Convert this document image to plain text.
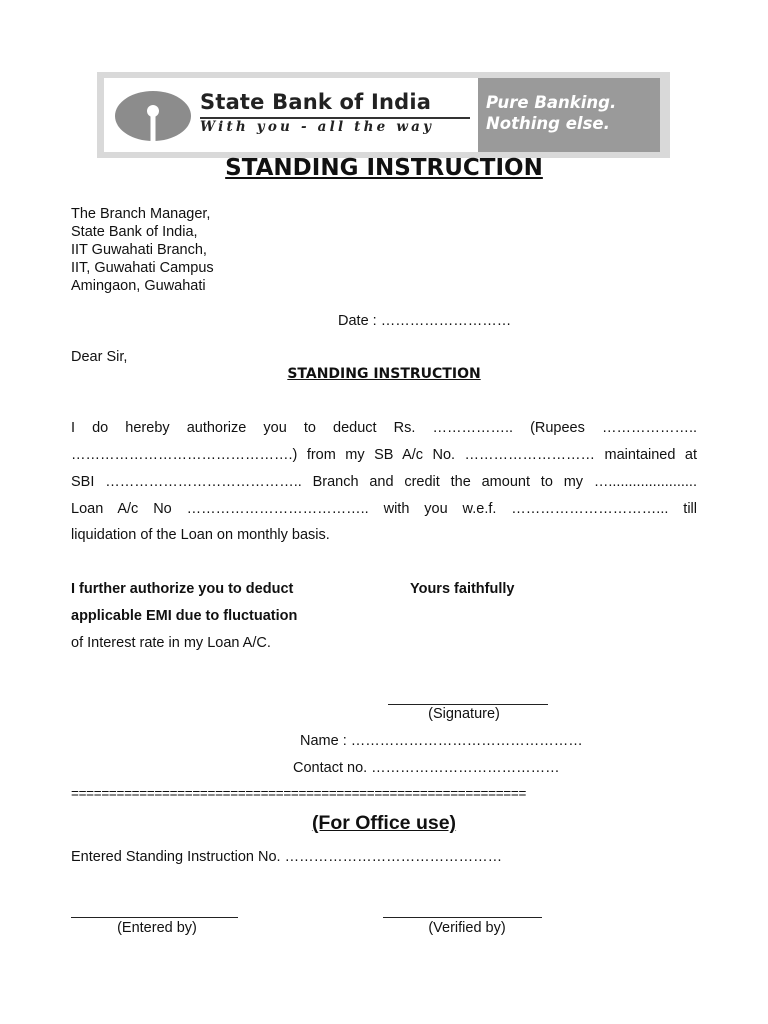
State Bank of India
With you - all the way
Pure Banking.
Nothing else.
STANDING INSTRUCTION
The Branch Manager,
State Bank of India,
IIT Guwahati Branch,
IIT, Guwahati Campus
Amingaon, Guwahati
Date : ………………………
Dear Sir,
STANDING INSTRUCTION
I do hereby authorize you to deduct Rs. …………….. (Rupees ………………..
……………………………………….) from my SB A/c No. ……………………… maintained at
SBI ………………………………….. Branch and credit the amount to my …......................
Loan A/c No ……………………………….. with you w.e.f. …………………………... till
liquidation of the Loan on monthly basis.
I further authorize you to deduct
applicable EMI due to fluctuation
of Interest rate in my Loan A/C.
Yours faithfully
(Signature)
Name : …………………………………………
Contact no. …………………………………
============================================================
(For Office use)
Entered Standing Instruction No. ………………………………………
(Entered by)	(Verified by)
